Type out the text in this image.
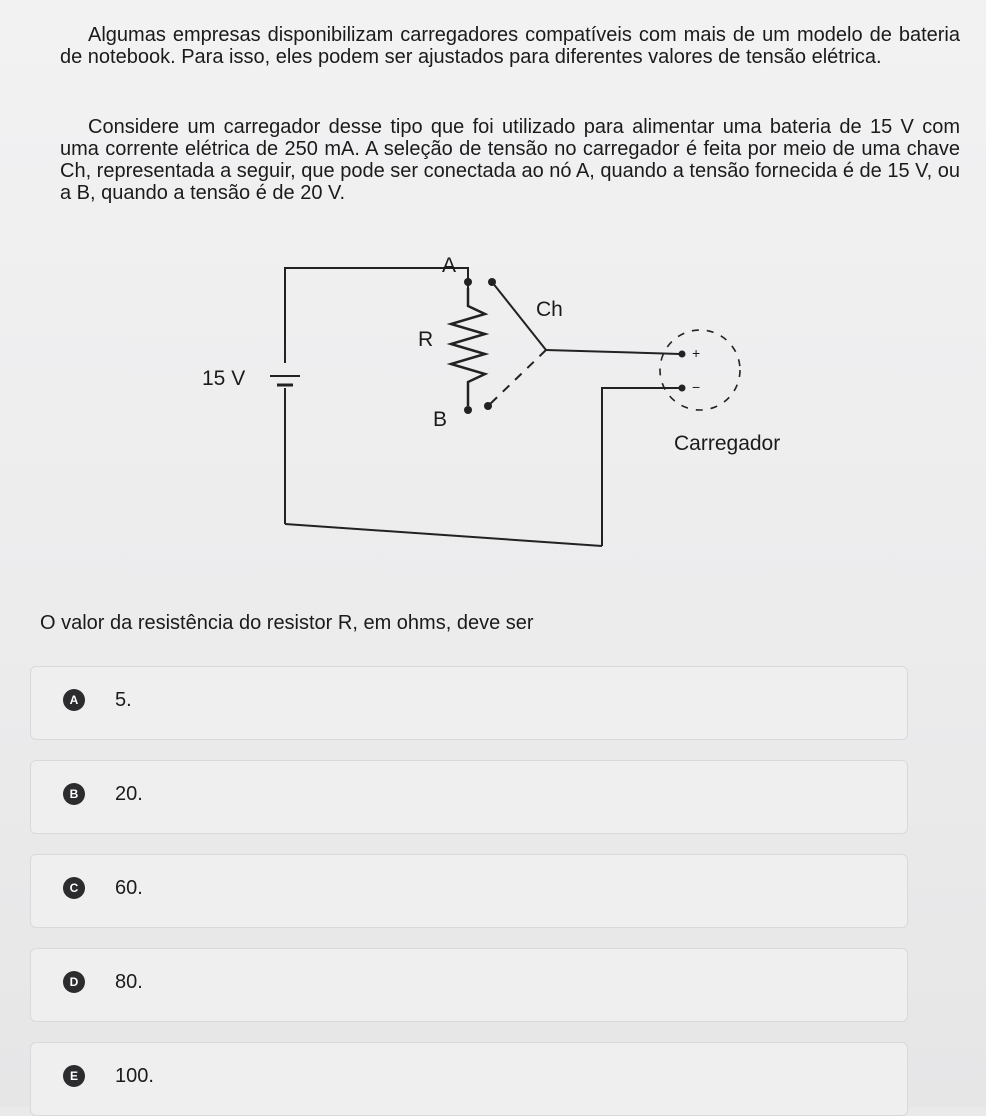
Algumas empresas disponibilizam carregadores compatíveis com mais de um modelo de bateria de notebook. Para isso, eles podem ser ajustados para diferentes valores de tensão elétrica.
Considere um carregador desse tipo que foi utilizado para alimentar uma bateria de 15 V com uma corrente elétrica de 250 mA. A seleção de tensão no carregador é feita por meio de uma chave Ch, representada a seguir, que pode ser conectada ao nó A, quando a tensão fornecida é de 15 V, ou a B, quando a tensão é de 20 V.
15 V
A
B
R
Ch
+
−
Carregador
O valor da resistência do resistor R, em ohms, deve ser
A	5.
B	20.
C	60.
D	80.
E	100.
